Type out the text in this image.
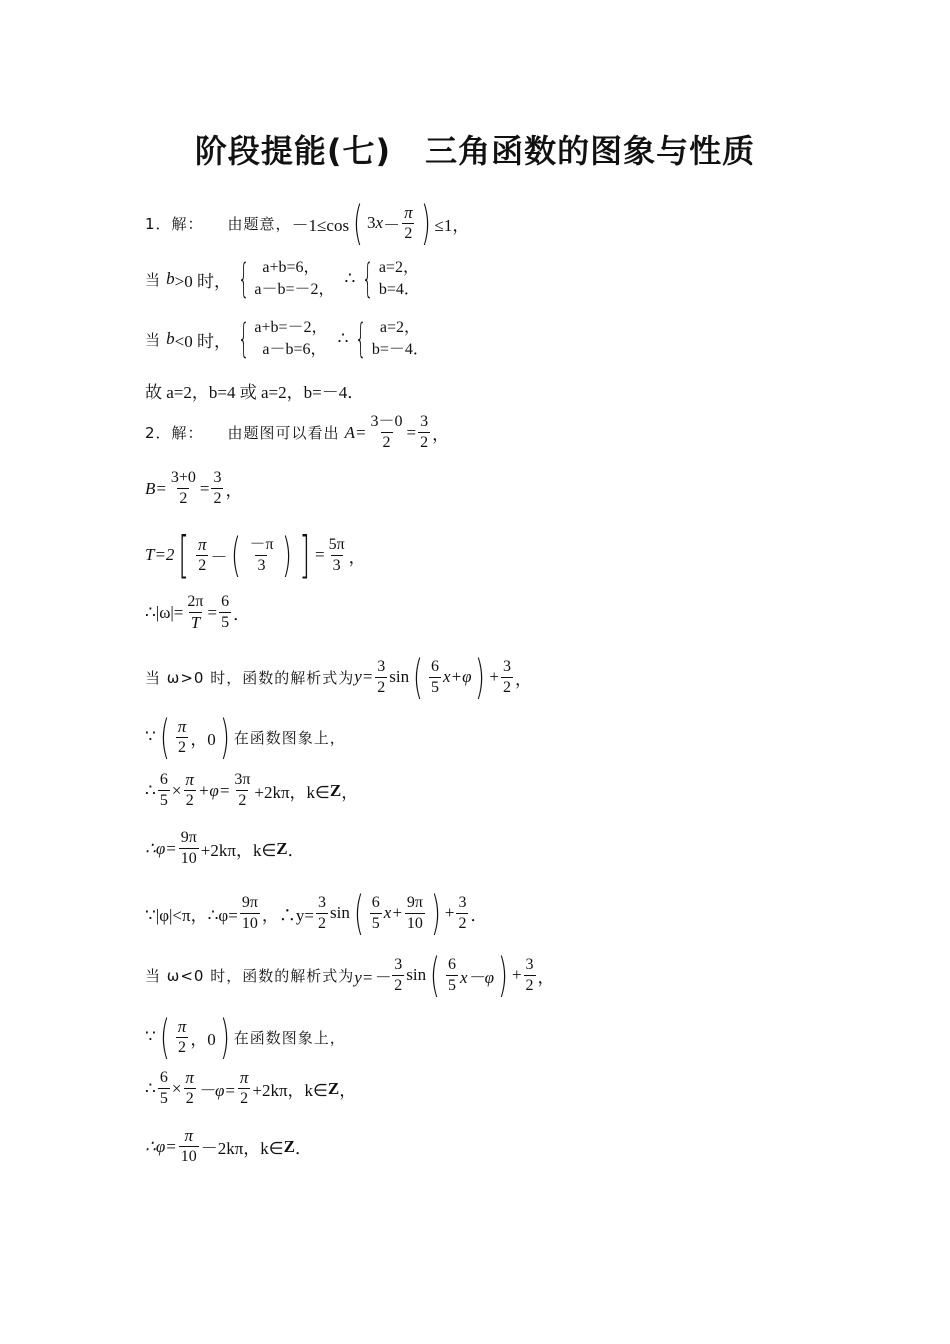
阶段提能(七) 三角函数的图象与性质
1．解： 由题意， －1≤cos ( 3 $x - \frac{\pi}{2}$ ) ≤1，
当
b >0 时， { a+b=6，
a－b=－2，
∴ { a=2，
b=4．
当
b <0 时， { a+b=－2，
a－b=6，
∴ { a=2，
b=－4．
故 a=2，b=4 或 a=2，b=－4．
2．解： 由题图可以看出
$A= \frac{3-0}{2} = \frac{3}{2}$ ，
$B= \frac{3+0}{2} = \frac{3}{2}$ ，
T=2 [ $\frac{\pi}{2}$ － ( $\frac{-\pi}{3}$ ) ] = $\frac{5\pi}{3}$ ，
∴|ω|= $\frac{2\pi}{T} = \frac{6}{5}$ ．
当 ω>0 时，函数的解析式为 $y= \frac{3}{2}$ sin ( $\frac{6}{5} x+\varphi$ ) + $\frac{3}{2}$ ，
∵ ( $\frac{\pi}{2}$ ，0 ) 在函数图象上，
∴ $\frac{6}{5} \times \frac{\pi}{2} +\varphi= \frac{3\pi}{2} +2k\pi$，k∈ Z ，
∴φ= $\frac{9\pi}{10} +2k\pi$，k∈ Z ．
∵|φ|<π，∴φ= $\frac{9\pi}{10}$ ，∴y= $\frac{3}{2}$ sin ( $\frac{6}{5} x+ \frac{9\pi}{10}$ ) + $\frac{3}{2}$ ．
当 ω<0 时，函数的解析式为 $y=- \frac{3}{2}$ sin ( $\frac{6}{5} x-\varphi$ ) + $\frac{3}{2}$ ，
∵ ( $\frac{\pi}{2}$ ，0 ) 在函数图象上，
∴ $\frac{6}{5} \times \frac{\pi}{2} -\varphi= \frac{\pi}{2} +2k\pi$，k∈ Z ，
∴φ= $\frac{\pi}{10} -2k\pi$，k∈ Z ．
